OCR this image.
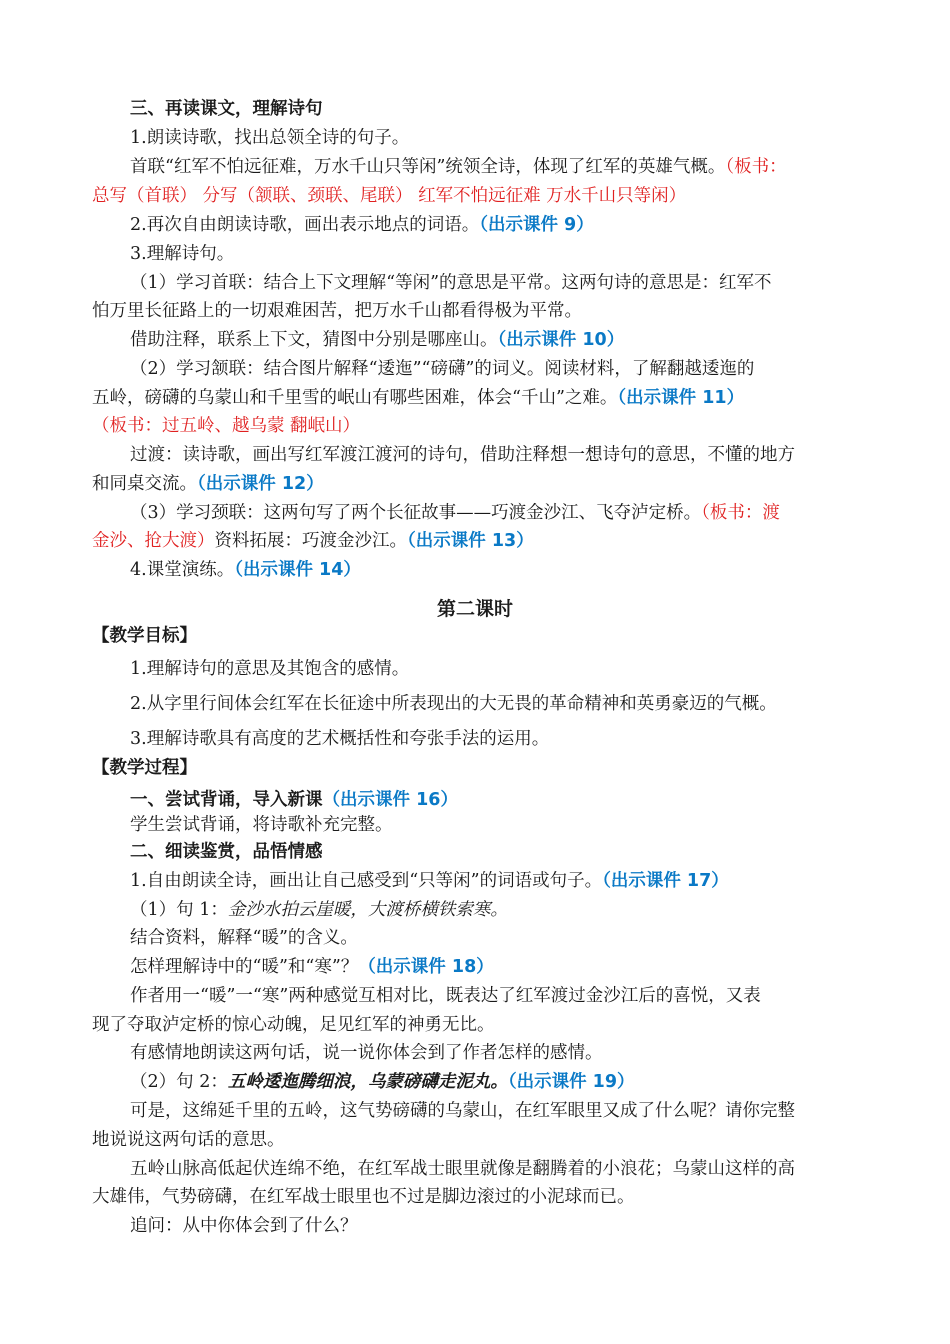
三、再读课文，理解诗句
1.朗读诗歌，找出总领全诗的句子。
首联“红军不怕远征难，万水千山只等闲”统领全诗，体现了红军的英雄气概。（板书：
总写（首联） 分写（颔联、颈联、尾联） 红军不怕远征难 万水千山只等闲）
2.再次自由朗读诗歌，画出表示地点的词语。（出示课件 9）
3.理解诗句。
（1）学习首联：结合上下文理解“等闲”的意思是平常。这两句诗的意思是：红军不
怕万里长征路上的一切艰难困苦，把万水千山都看得极为平常。
借助注释，联系上下文，猜图中分别是哪座山。（出示课件 10）
（2）学习颔联：结合图片解释“逶迤”“磅礴”的词义。阅读材料，了解翻越逶迤的
五岭，磅礴的乌蒙山和千里雪的岷山有哪些困难，体会“千山”之难。（出示课件 11）
（板书：过五岭、越乌蒙 翻岷山）
过渡：读诗歌，画出写红军渡江渡河的诗句，借助注释想一想诗句的意思，不懂的地方
和同桌交流。（出示课件 12）
（3）学习颈联：这两句写了两个长征故事——巧渡金沙江、飞夺泸定桥。（板书：渡
金沙、抢大渡）资料拓展：巧渡金沙江。（出示课件 13）
4.课堂演练。（出示课件 14）
第二课时
【教学目标】
1.理解诗句的意思及其饱含的感情。
2.从字里行间体会红军在长征途中所表现出的大无畏的革命精神和英勇豪迈的气概。
3.理解诗歌具有高度的艺术概括性和夸张手法的运用。
【教学过程】
一、尝试背诵，导入新课（出示课件 16）
学生尝试背诵，将诗歌补充完整。
二、细读鉴赏，品悟情感
1.自由朗读全诗，画出让自己感受到“只等闲”的词语或句子。（出示课件 17）
（1）句 1：金沙水拍云崖暖，大渡桥横铁索寒。
结合资料，解释“暖”的含义。
怎样理解诗中的“暖”和“寒”？（出示课件 18）
作者用一“暖”一“寒”两种感觉互相对比，既表达了红军渡过金沙江后的喜悦，又表
现了夺取泸定桥的惊心动魄，足见红军的神勇无比。
有感情地朗读这两句话，说一说你体会到了作者怎样的感情。
（2）句 2：五岭逶迤腾细浪，乌蒙磅礴走泥丸。（出示课件 19）
可是，这绵延千里的五岭，这气势磅礴的乌蒙山，在红军眼里又成了什么呢？请你完整
地说说这两句话的意思。
五岭山脉高低起伏连绵不绝，在红军战士眼里就像是翻腾着的小浪花；乌蒙山这样的高
大雄伟，气势磅礴，在红军战士眼里也不过是脚边滚过的小泥球而已。
追问：从中你体会到了什么？
